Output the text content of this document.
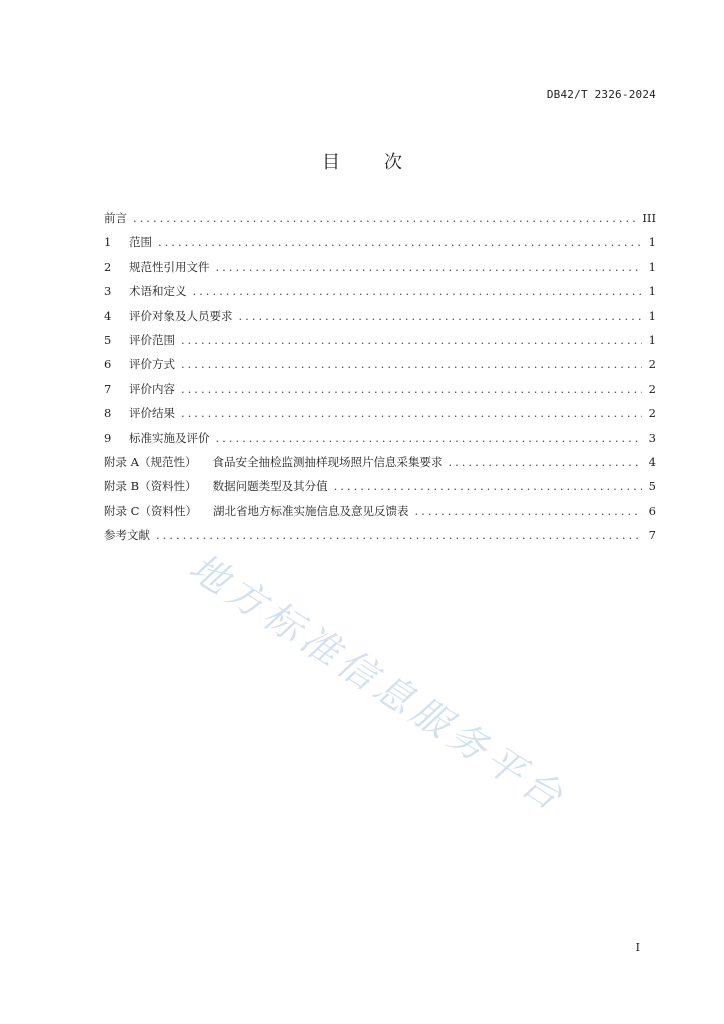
DB42/T 2326-2024
目 次
前言 .....	III
1	范围 .....	1
2	规范性引用文件 .....	1
3	术语和定义 .....	1
4	评价对象及人员要求 .....	1
5	评价范围 .....	1
6	评价方式 .....	2
7	评价内容 .....	2
8	评价结果 .....	2
9	标准实施及评价 .....	3
附录 A（规范性） 食品安全抽检监测抽样现场照片信息采集要求 .....	4
附录 B（资料性） 数据问题类型及其分值 .....	5
附录 C（资料性） 湖北省地方标准实施信息及意见反馈表 .....	6
参考文献 .....	7
地方标准信息服务平台
I
